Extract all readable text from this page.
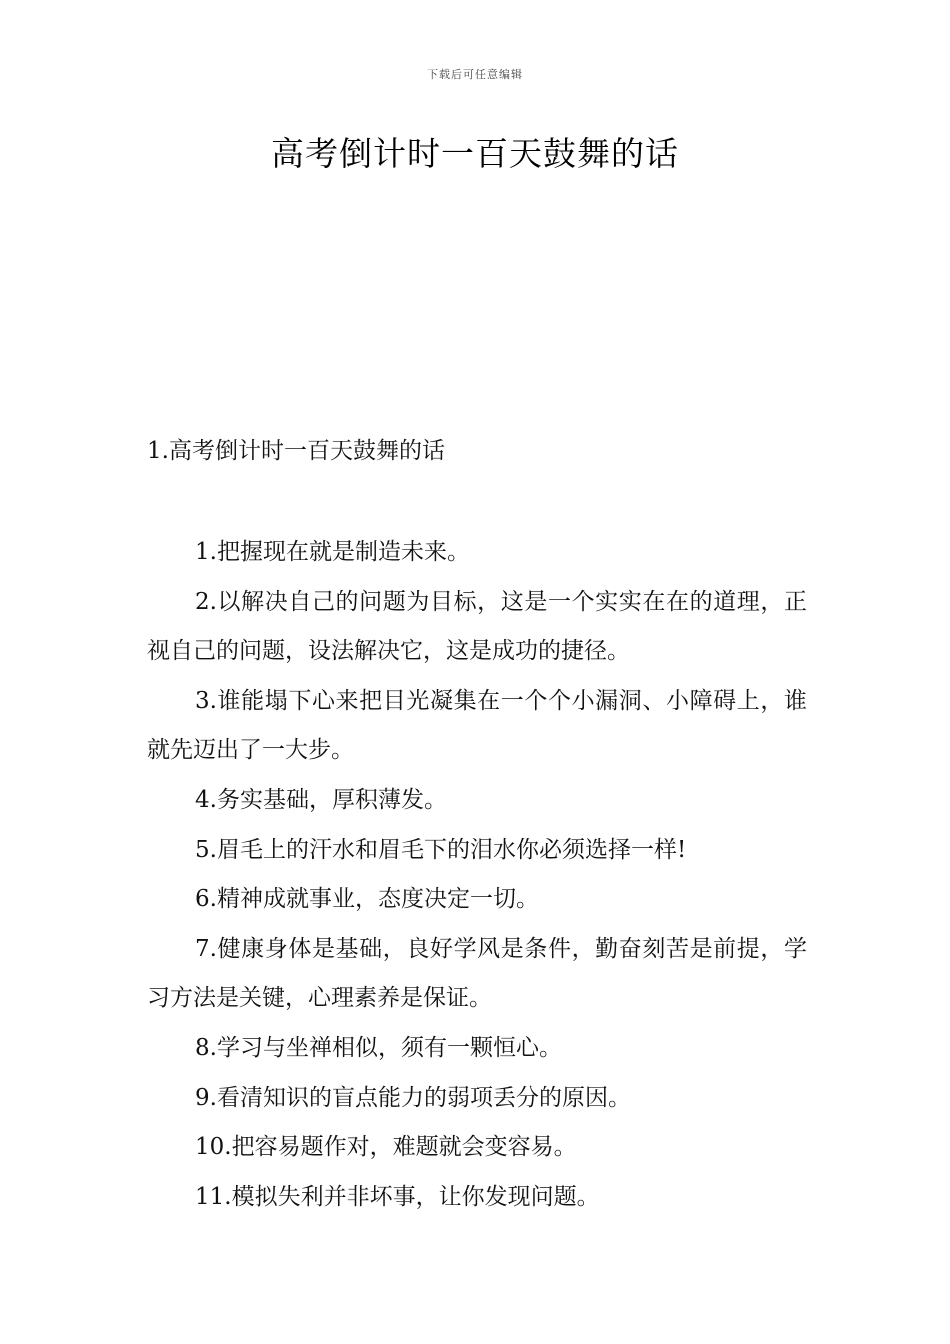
下载后可任意编辑
高考倒计时一百天鼓舞的话
1.高考倒计时一百天鼓舞的话
1.把握现在就是制造未来。
2.以解决自己的问题为目标，这是一个实实在在的道理，正视自己的问题，设法解决它，这是成功的捷径。
3.谁能塌下心来把目光凝集在一个个小漏洞、小障碍上，谁就先迈出了一大步。
4.务实基础，厚积薄发。
5.眉毛上的汗水和眉毛下的泪水你必须选择一样!
6.精神成就事业，态度决定一切。
7.健康身体是基础，良好学风是条件，勤奋刻苦是前提，学习方法是关键，心理素养是保证。
8.学习与坐禅相似，须有一颗恒心。
9.看清知识的盲点能力的弱项丢分的原因。
10.把容易题作对，难题就会变容易。
11.模拟失利并非坏事，让你发现问题。
